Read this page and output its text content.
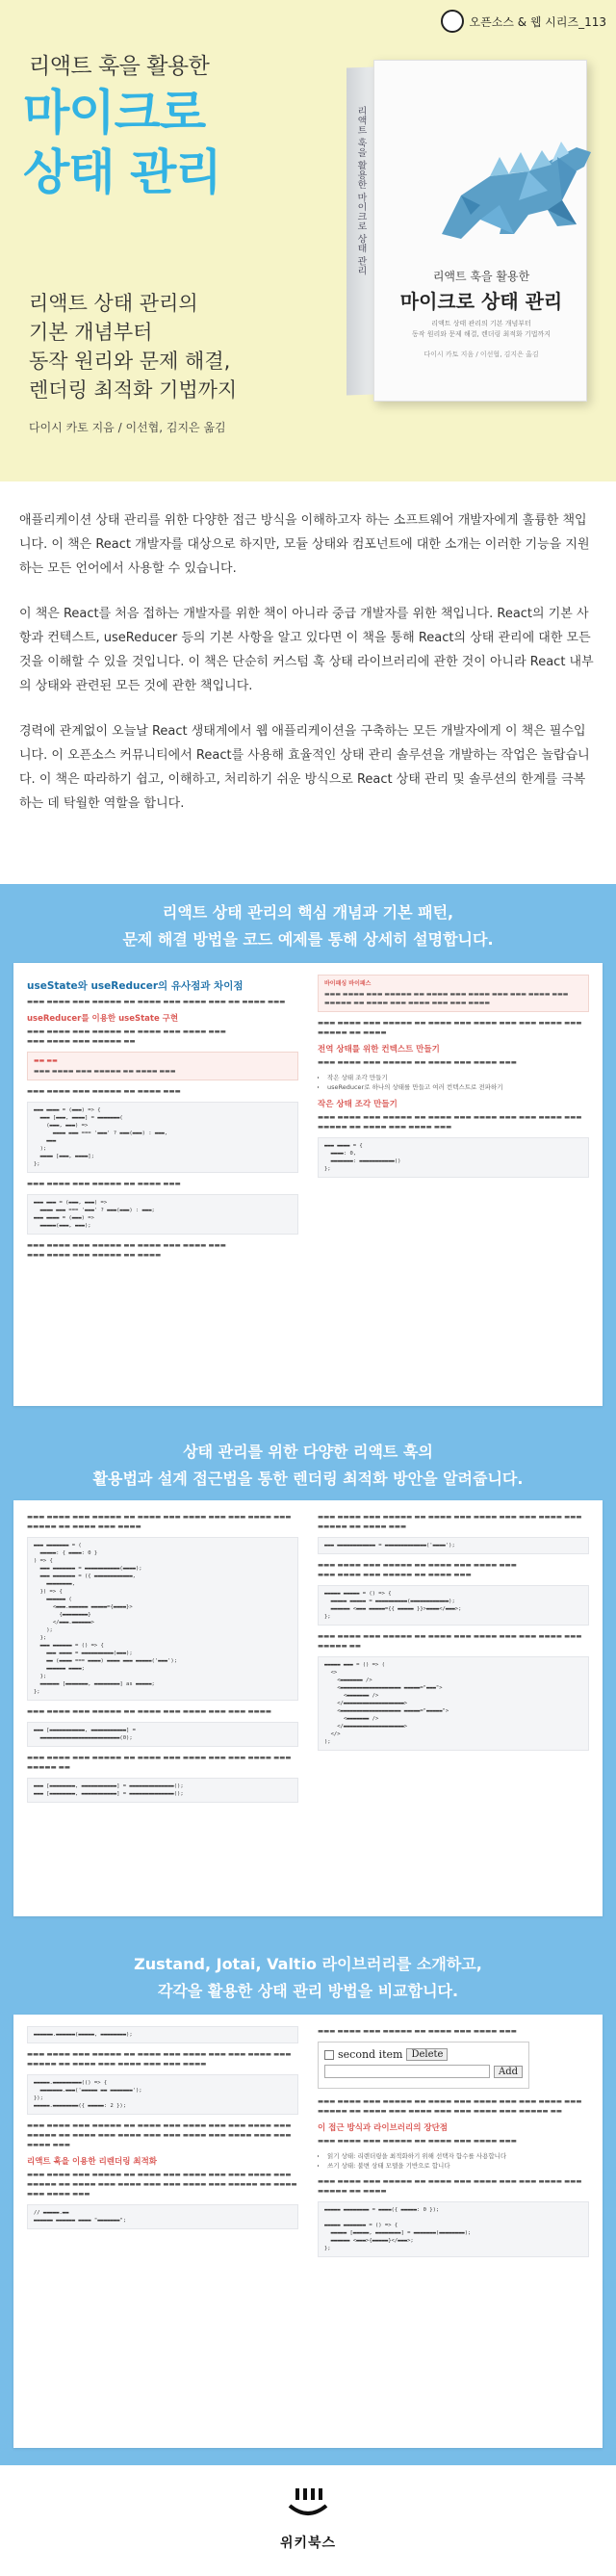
오픈소스 & 웹 시리즈_113
리액트 훅을 활용한
마이크로
상태 관리
리액트 상태 관리의
기본 개념부터
동작 원리와 문제 해결,
렌더링 최적화 기법까지
다이시 카토 지음 / 이선협, 김지은 옮김
리액트 훅을 활용한 마이크로 상태 관리
리액트 훅을 활용한
마이크로 상태 관리
리액트 상태 관리의 기본 개념부터
동작 원리와 문제 해결, 렌더링 최적화 기법까지
다이시 카토 지음 / 이선협, 김지은 옮김

애플리케이션 상태 관리를 위한 다양한 접근 방식을 이해하고자 하는 소프트웨어 개발자에게 훌륭한 책입니다. 이 책은 React 개발자를 대상으로 하지만, 모듈 상태와 컴포넌트에 대한 소개는 이러한 기능을 지원하는 모든 언어에서 사용할 수 있습니다.

이 책은 React를 처음 접하는 개발자를 위한 책이 아니라 중급 개발자를 위한 책입니다. React의 기본 사항과 컨텍스트, useReducer 등의 기본 사항을 알고 있다면 이 책을 통해 React의 상태 관리에 대한 모든 것을 이해할 수 있을 것입니다. 이 책은 단순히 커스텀 훅 상태 라이브러리에 관한 것이 아니라 React 내부의 상태와 관련된 모든 것에 관한 책입니다.

경력에 관계없이 오늘날 React 생태계에서 웹 애플리케이션을 구축하는 모든 개발자에게 이 책은 필수입니다. 이 오픈소스 커뮤니티에서 React를 사용해 효율적인 상태 관리 솔루션을 개발하는 작업은 놀랍습니다. 이 책은 따라하기 쉽고, 이해하고, 처리하기 쉬운 방식으로 React 상태 관리 및 솔루션의 한계를 극복하는 데 탁월한 역할을 합니다.

리액트 상태 관리의 핵심 개념과 기본 패턴,
문제 해결 방법을 코드 예제를 통해 상세히 설명합니다.
useState와 useReducer의 유사점과 차이점
▬▬▬ ▬▬▬▬ ▬▬▬ ▬▬▬▬▬ ▬▬ ▬▬▬▬ ▬▬▬ ▬▬▬▬ ▬▬▬ ▬▬ ▬▬▬▬ ▬▬▬
useReducer를 이용한 useState 구현
▬▬▬ ▬▬▬▬ ▬▬▬ ▬▬▬▬▬ ▬▬ ▬▬▬▬ ▬▬▬ ▬▬▬▬ ▬▬▬
▬▬▬ ▬▬▬▬ ▬▬▬ ▬▬▬▬▬ ▬▬
▬▬ ▬▬
▬▬▬ ▬▬▬▬ ▬▬▬ ▬▬▬▬▬ ▬▬ ▬▬▬▬ ▬▬▬
▬▬▬ ▬▬▬▬ ▬▬▬ ▬▬▬▬▬ ▬▬ ▬▬▬▬ ▬▬▬
▬▬▬ ▬▬▬▬ = (▬▬▬) => {
▬▬▬ [▬▬▬, ▬▬▬▬] = ▬▬▬▬▬▬▬(
(▬▬▬, ▬▬▬) =>
▬▬▬▬ ▬▬▬ === '▬▬▬' ? ▬▬▬(▬▬▬) : ▬▬▬,
▬▬▬
);
▬▬▬▬ [▬▬▬, ▬▬▬▬];
};
▬▬▬ ▬▬▬▬ ▬▬▬ ▬▬▬▬▬ ▬▬ ▬▬▬▬ ▬▬▬
▬▬▬ ▬▬▬ = (▬▬▬, ▬▬▬) =>
▬▬▬▬ ▬▬▬ === '▬▬▬' ? ▬▬▬(▬▬▬) : ▬▬▬;
▬▬▬ ▬▬▬▬ = (▬▬▬) =>
▬▬▬▬▬(▬▬▬, ▬▬▬);
▬▬▬ ▬▬▬▬ ▬▬▬ ▬▬▬▬▬ ▬▬ ▬▬▬▬ ▬▬▬ ▬▬▬▬ ▬▬▬
▬▬▬ ▬▬▬▬ ▬▬▬ ▬▬▬▬▬ ▬▬ ▬▬▬▬
바이패싱 바이패스
▬▬▬ ▬▬▬▬ ▬▬▬ ▬▬▬▬▬ ▬▬ ▬▬▬▬ ▬▬▬ ▬▬▬▬ ▬▬▬ ▬▬▬ ▬▬▬▬ ▬▬▬ ▬▬▬▬▬ ▬▬ ▬▬▬▬ ▬▬▬ ▬▬▬▬ ▬▬▬ ▬▬▬ ▬▬▬▬
▬▬▬ ▬▬▬▬ ▬▬▬ ▬▬▬▬▬ ▬▬ ▬▬▬▬ ▬▬▬ ▬▬▬▬ ▬▬▬ ▬▬▬ ▬▬▬▬ ▬▬▬ ▬▬▬▬▬ ▬▬ ▬▬▬▬
전역 상태를 위한 컨텍스트 만들기
▬▬▬ ▬▬▬▬ ▬▬▬ ▬▬▬▬▬ ▬▬ ▬▬▬▬ ▬▬▬ ▬▬▬▬ ▬▬▬
• 작은 상태 조각 만들기
• useReducer로 하나의 상태를 만들고 여러 컨텍스트로 전파하기
작은 상태 조각 만들기
▬▬▬ ▬▬▬▬ ▬▬▬ ▬▬▬▬▬ ▬▬ ▬▬▬▬ ▬▬▬ ▬▬▬▬ ▬▬▬ ▬▬▬ ▬▬▬▬ ▬▬▬ ▬▬▬▬▬ ▬▬ ▬▬▬▬ ▬▬▬ ▬▬▬▬ ▬▬▬
▬▬▬ ▬▬▬▬ = {
▬▬▬▬: 0,
▬▬▬▬▬▬▬: ▬▬▬▬▬▬▬▬▬▬▬()
};
상태 관리를 위한 다양한 리액트 훅의
활용법과 설계 접근법을 통한 렌더링 최적화 방안을 알려줍니다.
▬▬▬ ▬▬▬▬ ▬▬▬ ▬▬▬▬▬ ▬▬ ▬▬▬▬ ▬▬▬ ▬▬▬▬ ▬▬▬ ▬▬▬ ▬▬▬▬ ▬▬▬ ▬▬▬▬▬ ▬▬ ▬▬▬▬ ▬▬▬ ▬▬▬▬
▬▬▬ ▬▬▬▬▬▬▬ = (
▬▬▬▬▬: { ▬▬▬▬: 0 }
) => {
▬▬▬ ▬▬▬▬▬▬▬ = ▬▬▬▬▬▬▬▬▬▬▬(▬▬▬▬);
▬▬▬ ▬▬▬▬▬▬▬ = ({ ▬▬▬▬▬▬▬▬▬▬▬▬,
▬▬▬▬▬▬▬▬,
}) => {
▬▬▬▬▬▬ (
<▬▬▬.▬▬▬▬▬▬ ▬▬▬▬▬={▬▬▬▬}>
{▬▬▬▬▬▬▬▬}
</▬▬▬.▬▬▬▬▬▬>
);
};
▬▬▬ ▬▬▬▬▬▬ = () => {
▬▬▬ ▬▬▬▬ = ▬▬▬▬▬▬▬▬▬▬(▬▬▬);
▬▬ (▬▬▬▬ === ▬▬▬▬) ▬▬▬▬ ▬▬▬ ▬▬▬▬▬('▬▬▬');
▬▬▬▬▬▬ ▬▬▬▬;
};
▬▬▬▬▬▬ [▬▬▬▬▬▬▬, ▬▬▬▬▬▬▬▬] as ▬▬▬▬▬;
};
▬▬▬ ▬▬▬▬ ▬▬▬ ▬▬▬▬▬ ▬▬ ▬▬▬▬ ▬▬▬ ▬▬▬▬ ▬▬▬ ▬▬▬ ▬▬▬▬
▬▬▬ [▬▬▬▬▬▬▬▬▬▬▬, ▬▬▬▬▬▬▬▬▬▬▬] =
▬▬▬▬▬▬▬▬▬▬▬▬▬▬▬▬▬▬▬▬▬▬▬▬▬(0);
▬▬▬ ▬▬▬▬ ▬▬▬ ▬▬▬▬▬ ▬▬ ▬▬▬▬ ▬▬▬ ▬▬▬▬ ▬▬▬ ▬▬▬ ▬▬▬▬ ▬▬▬ ▬▬▬▬▬ ▬▬
▬▬▬ [▬▬▬▬▬▬▬▬, ▬▬▬▬▬▬▬▬▬▬▬] = ▬▬▬▬▬▬▬▬▬▬▬▬▬▬();
▬▬▬ [▬▬▬▬▬▬▬▬, ▬▬▬▬▬▬▬▬▬▬▬] = ▬▬▬▬▬▬▬▬▬▬▬▬▬▬();
▬▬▬ ▬▬▬▬ ▬▬▬ ▬▬▬▬▬ ▬▬ ▬▬▬▬ ▬▬▬ ▬▬▬▬ ▬▬▬ ▬▬▬ ▬▬▬▬ ▬▬▬ ▬▬▬▬▬ ▬▬ ▬▬▬▬ ▬▬▬
▬▬▬ ▬▬▬▬▬▬▬▬▬▬▬▬ = ▬▬▬▬▬▬▬▬▬▬▬▬▬('▬▬▬▬');
▬▬▬ ▬▬▬▬ ▬▬▬ ▬▬▬▬▬ ▬▬ ▬▬▬▬ ▬▬▬ ▬▬▬▬ ▬▬▬
▬▬▬ ▬▬▬▬ ▬▬▬ ▬▬▬▬▬ ▬▬ ▬▬▬▬ ▬▬▬
▬▬▬▬▬ ▬▬▬▬▬ = () => {
▬▬▬▬▬ ▬▬▬▬▬ = ▬▬▬▬▬▬▬▬▬▬(▬▬▬▬▬▬▬▬▬▬▬▬);
▬▬▬▬▬▬ <▬▬▬ ▬▬▬▬▬={{ ▬▬▬▬▬ }}>▬▬▬▬</▬▬▬>;
};
▬▬▬ ▬▬▬▬ ▬▬▬ ▬▬▬▬▬ ▬▬ ▬▬▬▬ ▬▬▬ ▬▬▬▬ ▬▬▬ ▬▬▬ ▬▬▬▬ ▬▬▬ ▬▬▬▬▬ ▬▬
▬▬▬▬▬ ▬▬▬ = () => (
<>
<▬▬▬▬▬▬▬ />
<▬▬▬▬▬▬▬▬▬▬▬▬▬▬▬▬▬▬▬ ▬▬▬▬▬="▬▬▬">
<▬▬▬▬▬▬▬ />
</▬▬▬▬▬▬▬▬▬▬▬▬▬▬▬▬▬▬▬>
<▬▬▬▬▬▬▬▬▬▬▬▬▬▬▬▬▬▬▬ ▬▬▬▬▬="▬▬▬▬▬">
<▬▬▬▬▬▬▬ />
</▬▬▬▬▬▬▬▬▬▬▬▬▬▬▬▬▬▬▬>
</>
);
Zustand, Jotai, Valtio 라이브러리를 소개하고,
각각을 활용한 상태 관리 방법을 비교합니다.
▬▬▬▬▬▬.▬▬▬▬▬▬(▬▬▬▬▬, ▬▬▬▬▬▬▬▬);
▬▬▬ ▬▬▬▬ ▬▬▬ ▬▬▬▬▬ ▬▬ ▬▬▬▬ ▬▬▬ ▬▬▬▬ ▬▬▬ ▬▬▬ ▬▬▬▬ ▬▬▬ ▬▬▬▬▬ ▬▬ ▬▬▬▬ ▬▬▬ ▬▬▬▬ ▬▬▬ ▬▬▬ ▬▬▬▬
▬▬▬▬▬.▬▬▬▬▬▬▬▬▬(() => {
▬▬▬▬▬▬▬.▬▬▬('▬▬▬▬▬ ▬▬ ▬▬▬▬▬▬▬');
});
▬▬▬▬▬.▬▬▬▬▬▬▬▬({ ▬▬▬▬▬: 2 });
▬▬▬ ▬▬▬▬ ▬▬▬ ▬▬▬▬▬ ▬▬ ▬▬▬▬ ▬▬▬ ▬▬▬▬ ▬▬▬ ▬▬▬ ▬▬▬▬ ▬▬▬ ▬▬▬▬▬ ▬▬ ▬▬▬▬ ▬▬▬ ▬▬▬▬ ▬▬▬ ▬▬▬ ▬▬▬▬ ▬▬▬ ▬▬▬▬ ▬▬▬ ▬▬▬ ▬▬▬▬ ▬▬▬
리액트 훅을 이용한 리렌더링 최적화
▬▬▬ ▬▬▬▬ ▬▬▬ ▬▬▬▬▬ ▬▬ ▬▬▬▬ ▬▬▬ ▬▬▬▬ ▬▬▬ ▬▬▬ ▬▬▬▬ ▬▬▬ ▬▬▬▬▬ ▬▬ ▬▬▬▬ ▬▬▬ ▬▬▬▬ ▬▬▬ ▬▬▬ ▬▬▬▬ ▬▬▬ ▬▬▬▬▬ ▬▬ ▬▬▬▬ ▬▬▬ ▬▬▬▬ ▬▬▬
// ▬▬▬▬▬.▬▬
▬▬▬▬▬▬ ▬▬▬▬▬▬ ▬▬▬▬ "▬▬▬▬▬▬▬";
▬▬▬ ▬▬▬▬ ▬▬▬ ▬▬▬▬▬ ▬▬ ▬▬▬▬ ▬▬▬ ▬▬▬▬ ▬▬▬
second item Delete
Add
▬▬▬ ▬▬▬▬ ▬▬▬ ▬▬▬▬▬ ▬▬ ▬▬▬▬ ▬▬▬ ▬▬▬▬ ▬▬▬ ▬▬▬ ▬▬▬▬ ▬▬▬ ▬▬▬▬▬ ▬▬ ▬▬▬▬ ▬▬▬ ▬▬▬▬ ▬▬▬ ▬▬▬ ▬▬▬▬ ▬▬▬ ▬▬▬▬▬ ▬▬
이 접근 방식과 라이브러리의 장단점
▬▬▬ ▬▬▬▬ ▬▬▬ ▬▬▬▬▬ ▬▬ ▬▬▬▬ ▬▬▬ ▬▬▬▬ ▬▬▬
• 읽기 상태: 리렌더링을 최적화하기 위해 선택자 함수를 사용합니다
• 쓰기 상태: 불변 상태 모델을 기반으로 합니다
▬▬▬ ▬▬▬▬ ▬▬▬ ▬▬▬▬▬ ▬▬ ▬▬▬▬ ▬▬▬ ▬▬▬▬ ▬▬▬ ▬▬▬ ▬▬▬▬ ▬▬▬ ▬▬▬▬▬ ▬▬ ▬▬▬▬
▬▬▬▬▬ ▬▬▬▬▬▬▬▬ = ▬▬▬▬({ ▬▬▬▬▬: 0 });

▬▬▬▬▬ ▬▬▬▬▬▬▬ = () => {
▬▬▬▬▬ [▬▬▬▬▬, ▬▬▬▬▬▬▬▬] = ▬▬▬▬▬▬▬(▬▬▬▬▬▬▬▬);
▬▬▬▬▬▬ <▬▬▬>{▬▬▬▬▬}</▬▬▬>;
};
위키북스
